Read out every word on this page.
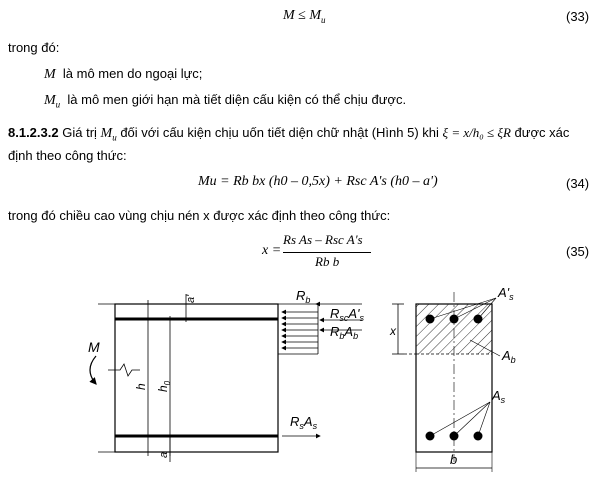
$M \le M_u$	(33)
trong đó:
M là mô men do ngoại lực;
$M_u$ là mô men giới hạn mà tiết diện cấu kiện có thể chịu được.
8.1.2.3.2 Giá trị $M_u$ đối với cấu kiện chịu uốn tiết diện chữ nhật (Hình 5) khi ξ = x/h₀ ≤ ξR được xác
định theo công thức:
Mu = Rb bx (h0 – 0,5x) + Rsc A's (h0 – a')	(34)
trong đó chiều cao vùng chịu nén x được xác định theo công thức:
x =
Rs As – Rsc A's
Rb b
(35)
a'	$R_b$
$R_{sc}A'_s$
$R_bA_b$	x
M
h $h_0$
$R_sA_s$
a
$A'_s$
$A_b$
$A_s$
b
